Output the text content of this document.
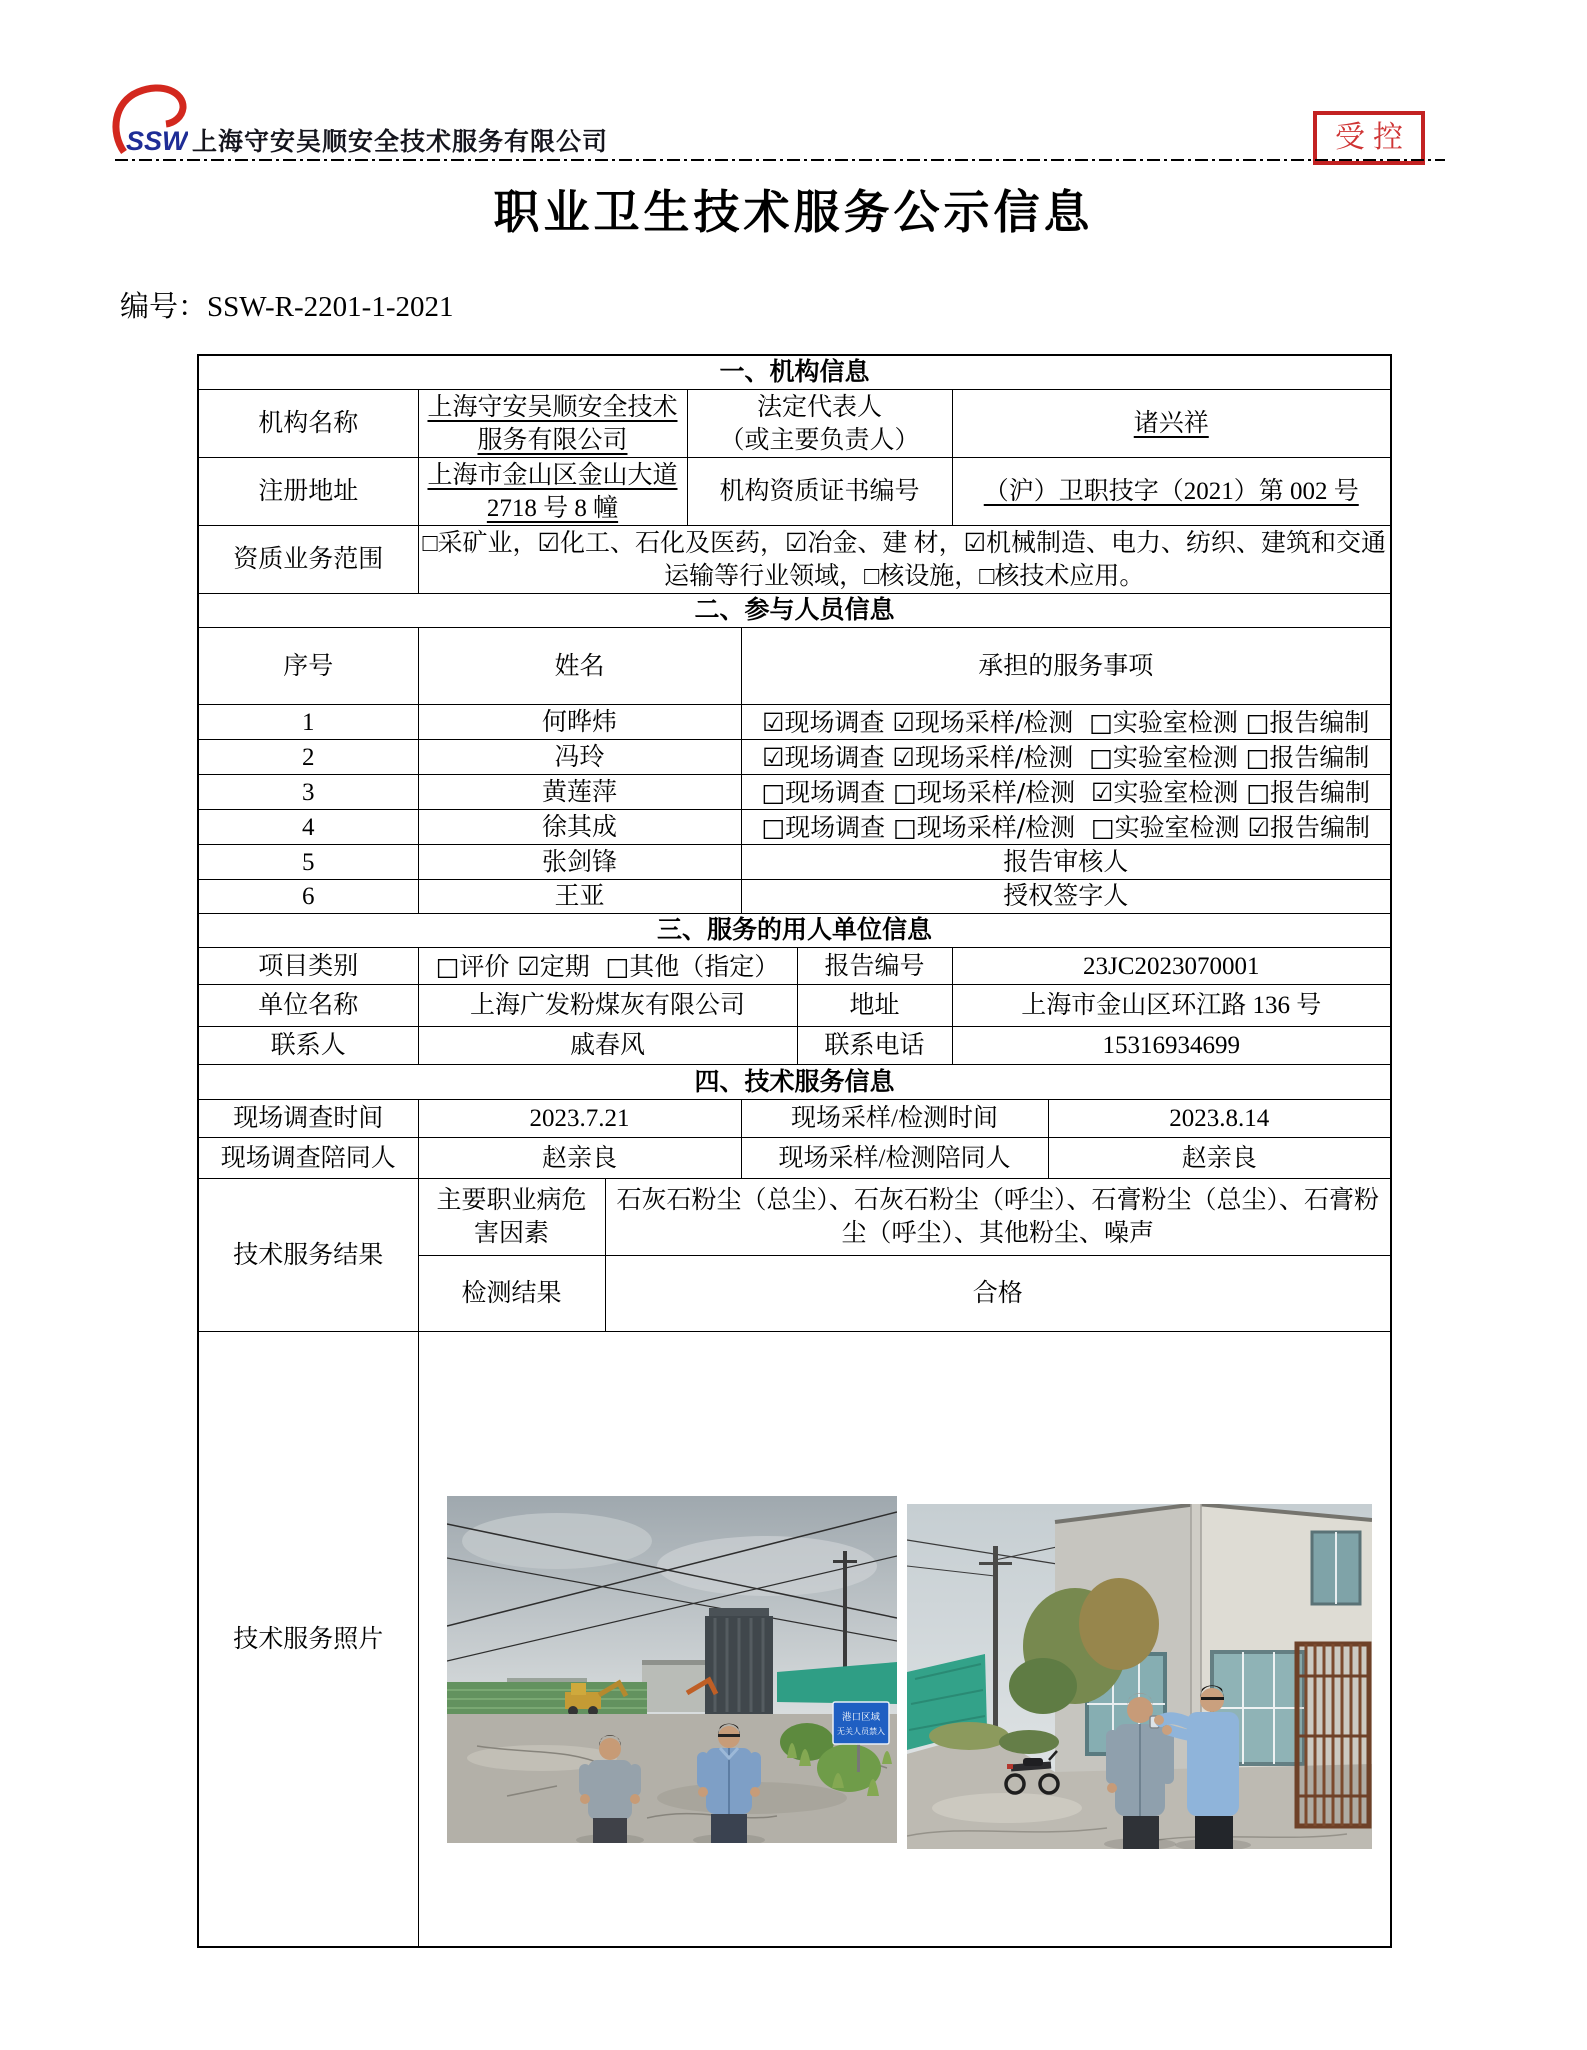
SSW 上海守安吴顺安全技术服务有限公司	受控
职业卫生技术服务公示信息
编号：SSW-R-2201-1-2021
一、机构信息							
机构名称	上海守安吴顺安全技术服务有限公司		法定代表人
（或主要负责人）			诸兴祥	
注册地址	上海市金山区金山大道 2718 号 8 幢		机构资质证书编号			（沪）卫职技字（2021）第 002 号	
资质业务范围	□采矿业，☑化工、石化及医药，☑冶金、建 材，☑机械制造、电力、纺织、建筑和交通运输等行业领域，□核设施，□核技术应用。						
二、参与人员信息							
序号	姓名			承担的服务事项			
1	何晔炜			☑现场调查 ☑现场采样/检测  □实验室检测 □报告编制			
2	冯玲			☑现场调查 ☑现场采样/检测  □实验室检测 □报告编制			
3	黄莲萍			□现场调查 □现场采样/检测  ☑实验室检测 □报告编制			
4	徐其成			□现场调查 □现场采样/检测  □实验室检测 ☑报告编制			
5	张剑锋			报告审核人			
6	王亚			授权签字人			
三、服务的用人单位信息							
项目类别	□评价 ☑定期  □其他（指定）				报告编号	23JC2023070001	
单位名称	上海广发粉煤灰有限公司				地址	上海市金山区环江路 136 号	
联系人	戚春风				联系电话	15316934699	
四、技术服务信息							
现场调查时间	2023.7.21			现场采样/检测时间			2023.8.14
现场调查陪同人	赵亲良			现场采样/检测陪同人			赵亲良
技术服务结果	主要职业病危
害因素	石灰石粉尘（总尘）、石灰石粉尘（呼尘）、石膏粉尘（总尘）、石膏粉尘（呼尘）、其他粉尘、噪声					
	检测结果	合格					
技术服务照片	港口区域
无关人员禁入						
